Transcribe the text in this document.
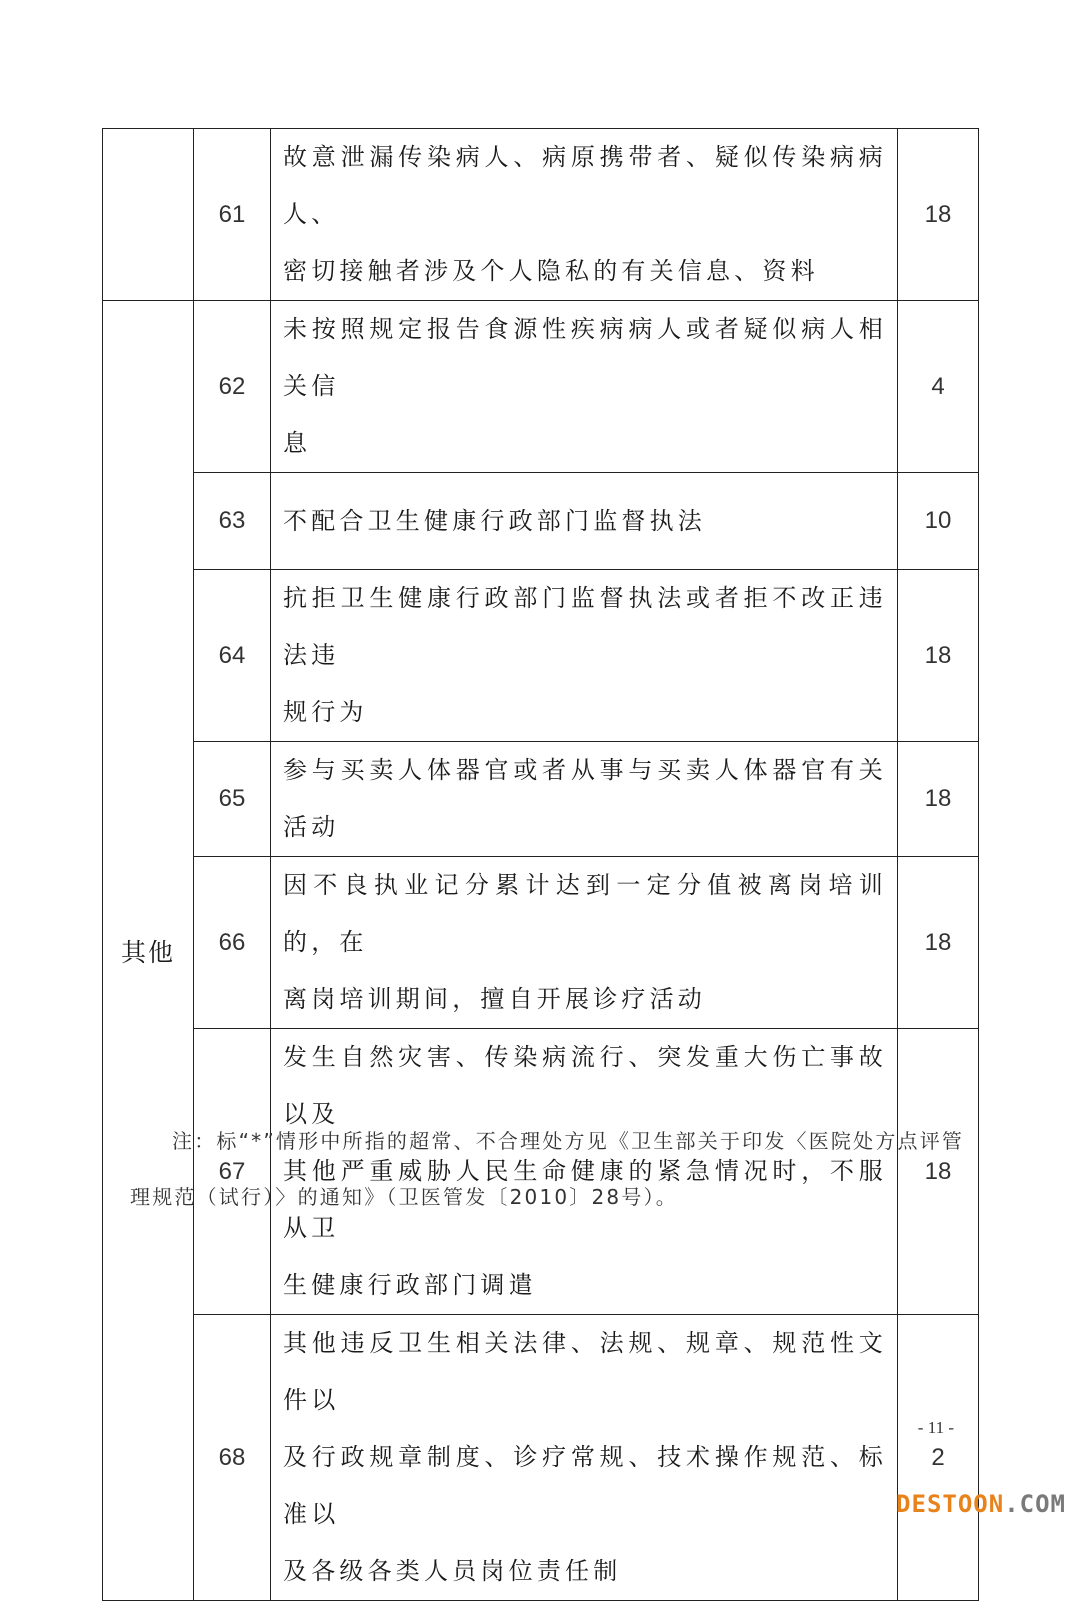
	61	故意泄漏传染病人、病原携带者、疑似传染病病人、
密切接触者涉及个人隐私的有关信息、资料	18
其他	62	未按照规定报告食源性疾病病人或者疑似病人相关信
息	4
	63	不配合卫生健康行政部门监督执法	10
	64	抗拒卫生健康行政部门监督执法或者拒不改正违法违
规行为	18
	65	参与买卖人体器官或者从事与买卖人体器官有关活动	18
	66	因不良执业记分累计达到一定分值被离岗培训的，在
离岗培训期间，擅自开展诊疗活动	18
	67	发生自然灾害、传染病流行、突发重大伤亡事故以及
其他严重威胁人民生命健康的紧急情况时，不服从卫
生健康行政部门调遣	18
	68	其他违反卫生相关法律、法规、规章、规范性文件以
及行政规章制度、诊疗常规、技术操作规范、标准以
及各级各类人员岗位责任制	2
注：标“*”情形中所指的超常、不合理处方见《卫生部关于印发〈医院处方点评管
理规范（试行）〉的通知》（卫医管发〔2010〕28号）。
- 11 -
DESTOON.COM
